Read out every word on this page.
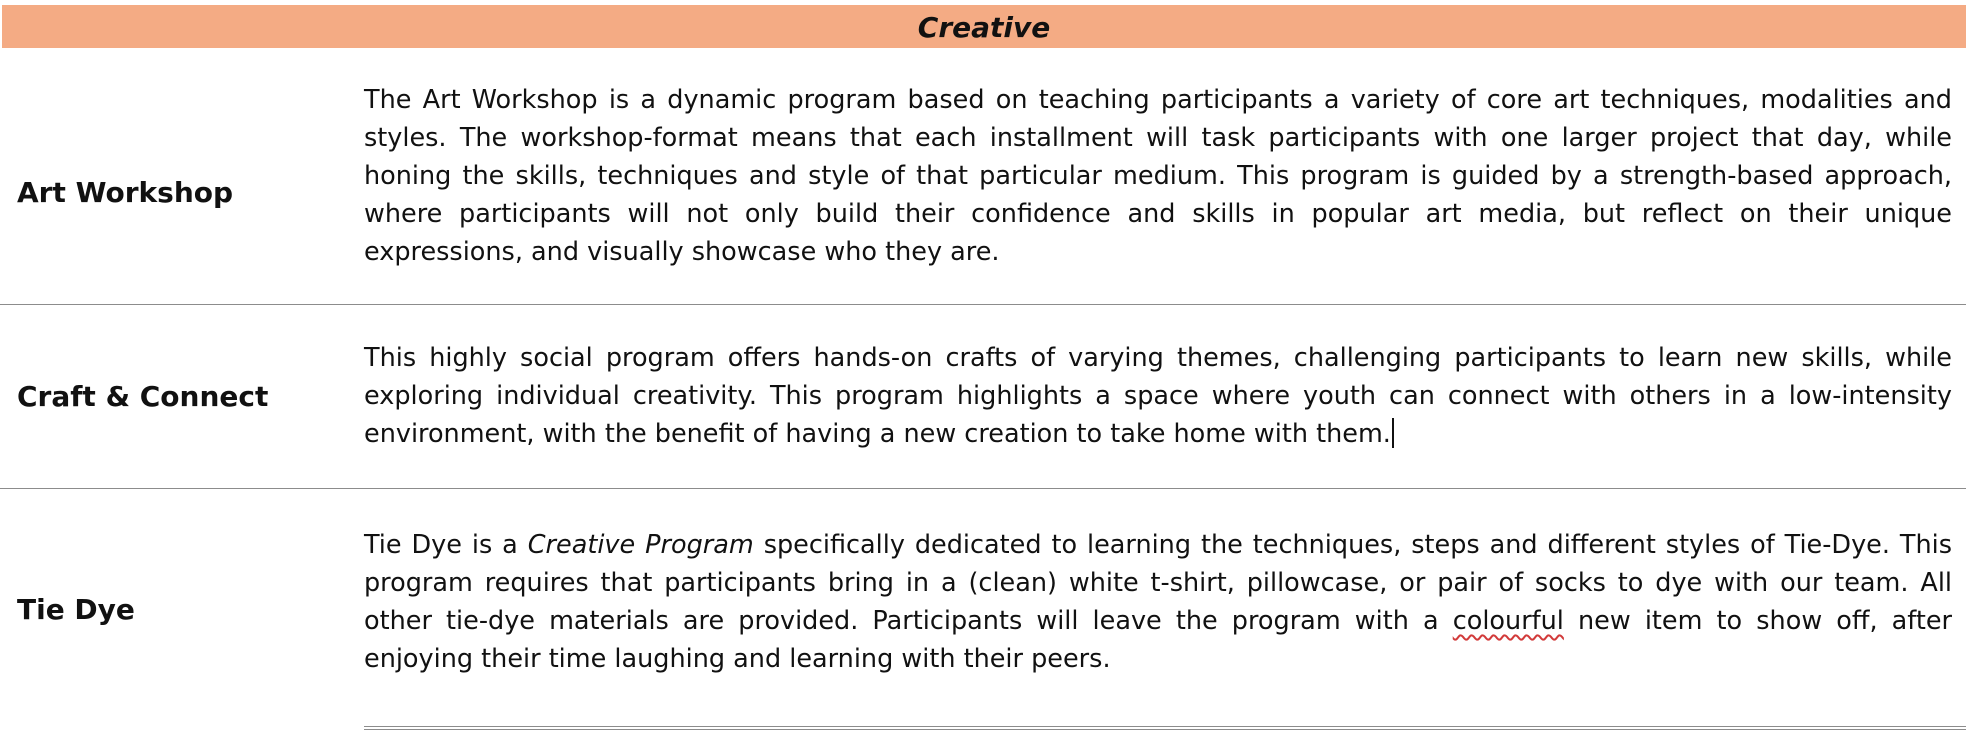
Creative
Art Workshop
The Art Workshop is a dynamic program based on teaching participants a variety of core art techniques, modalities and styles. The workshop-format means that each installment will task participants with one larger project that day, while honing the skills, techniques and style of that particular medium. This program is guided by a strength-based approach, where participants will not only build their confidence and skills in popular art media, but reflect on their unique expressions, and visually showcase who they are.
Craft & Connect
This highly social program offers hands-on crafts of varying themes, challenging participants to learn new skills, while exploring individual creativity. This program highlights a space where youth can connect with others in a low-intensity environment, with the benefit of having a new creation to take home with them.
Tie Dye
Tie Dye is a Creative Program specifically dedicated to learning the techniques, steps and different styles of Tie-Dye. This program requires that participants bring in a (clean) white t-shirt, pillowcase, or pair of socks to dye with our team. All other tie-dye materials are provided. Participants will leave the program with a colourful new item to show off, after enjoying their time laughing and learning with their peers.
